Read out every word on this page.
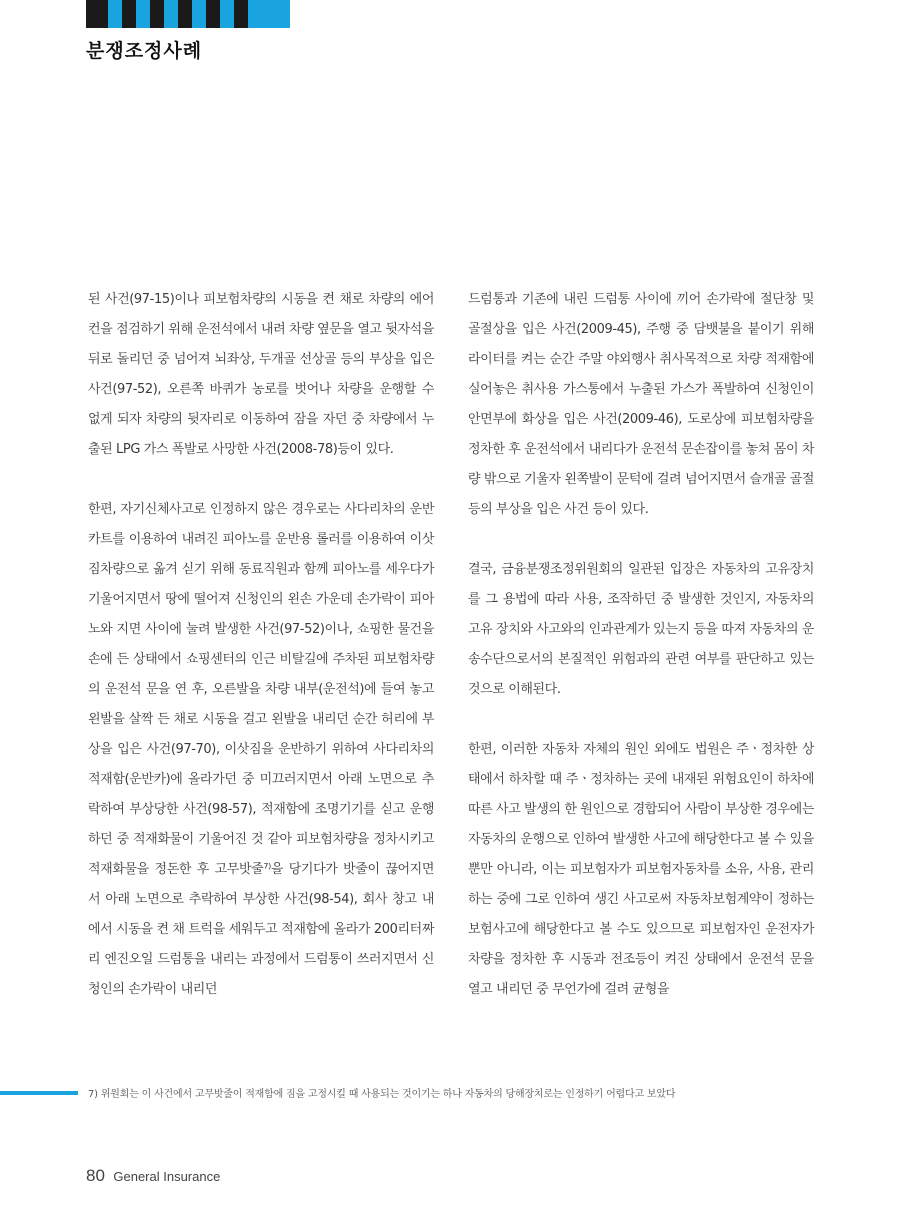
분쟁조정사례

된 사건(97-15)이나 피보험차량의 시동을 켠 채로 차량의 에어컨을 점검하기 위해 운전석에서 내려 차량 옆문을 열고 뒷자석을 뒤로 돌리던 중 넘어져 뇌좌상, 두개골 선상골 등의 부상을 입은 사건(97-52), 오른쪽 바퀴가 농로를 벗어나 차량을 운행할 수 없게 되자 차량의 뒷자리로 이동하여 잠을 자던 중 차량에서 누출된 LPG 가스 폭발로 사망한 사건(2008-78)등이 있다.

한편, 자기신체사고로 인정하지 않은 경우로는 사다리차의 운반카트를 이용하여 내려진 피아노를 운반용 롤러를 이용하여 이삿짐차량으로 옮겨 싣기 위해 동료직원과 함께 피아노를 세우다가 기울어지면서 땅에 떨어져 신청인의 왼손 가운데 손가락이 피아노와 지면 사이에 눌려 발생한 사건(97-52)이나, 쇼핑한 물건을 손에 든 상태에서 쇼핑센터의 인근 비탈길에 주차된 피보험차량의 운전석 문을 연 후, 오른발을 차량 내부(운전석)에 들여 놓고 왼발을 살짝 든 채로 시동을 걸고 왼발을 내리던 순간 허리에 부상을 입은 사건(97-70), 이삿짐을 운반하기 위하여 사다리차의 적재함(운반카)에 올라가던 중 미끄러지면서 아래 노면으로 추락하여 부상당한 사건(98-57), 적재함에 조명기기를 싣고 운행하던 중 적재화물이 기울어진 것 같아 피보험차량을 정차시키고 적재화물을 정돈한 후 고무밧줄⁷⁾을 당기다가 밧줄이 끊어지면서 아래 노면으로 추락하여 부상한 사건(98-54), 회사 창고 내에서 시동을 켠 채 트럭을 세워두고 적재함에 올라가 200리터짜리 엔진오일 드럼통을 내리는 과정에서 드럼통이 쓰러지면서 신청인의 손가락이 내리던

드럼통과 기존에 내린 드럼통 사이에 끼어 손가락에 절단창 및 골절상을 입은 사건(2009-45), 주행 중 담뱃불을 붙이기 위해 라이터를 켜는 순간 주말 야외행사 취사목적으로 차량 적재함에 실어놓은 취사용 가스통에서 누출된 가스가 폭발하여 신청인이 안면부에 화상을 입은 사건(2009-46), 도로상에 피보험차량을 정차한 후 운전석에서 내리다가 운전석 문손잡이를 놓쳐 몸이 차량 밖으로 기울자 왼쪽발이 문턱에 걸려 넘어지면서 슬개골 골절 등의 부상을 입은 사건 등이 있다.

결국, 금융분쟁조정위원회의 일관된 입장은 자동차의 고유장치를 그 용법에 따라 사용, 조작하던 중 발생한 것인지, 자동차의 고유 장치와 사고와의 인과관계가 있는지 등을 따져 자동차의 운송수단으로서의 본질적인 위험과의 관련 여부를 판단하고 있는 것으로 이해된다.

한편, 이러한 자동차 자체의 원인 외에도 법원은 주ㆍ정차한 상태에서 하차할 때 주ㆍ정차하는 곳에 내재된 위험요인이 하차에 따른 사고 발생의 한 원인으로 경합되어 사람이 부상한 경우에는 자동차의 운행으로 인하여 발생한 사고에 해당한다고 볼 수 있을 뿐만 아니라, 이는 피보험자가 피보험자동차를 소유, 사용, 관리하는 중에 그로 인하여 생긴 사고로써 자동차보험계약이 정하는 보험사고에 해당한다고 볼 수도 있으므로 피보험자인 운전자가 차량을 정차한 후 시동과 전조등이 켜진 상태에서 운전석 문을 열고 내리던 중 무언가에 걸려 균형을

7) 위원회는 이 사건에서 고무밧줄이 적재함에 짐을 고정시킬 때 사용되는 것이기는 하나 자동차의 당해장치로는 인정하기 어렵다고 보았다
80 General Insurance
